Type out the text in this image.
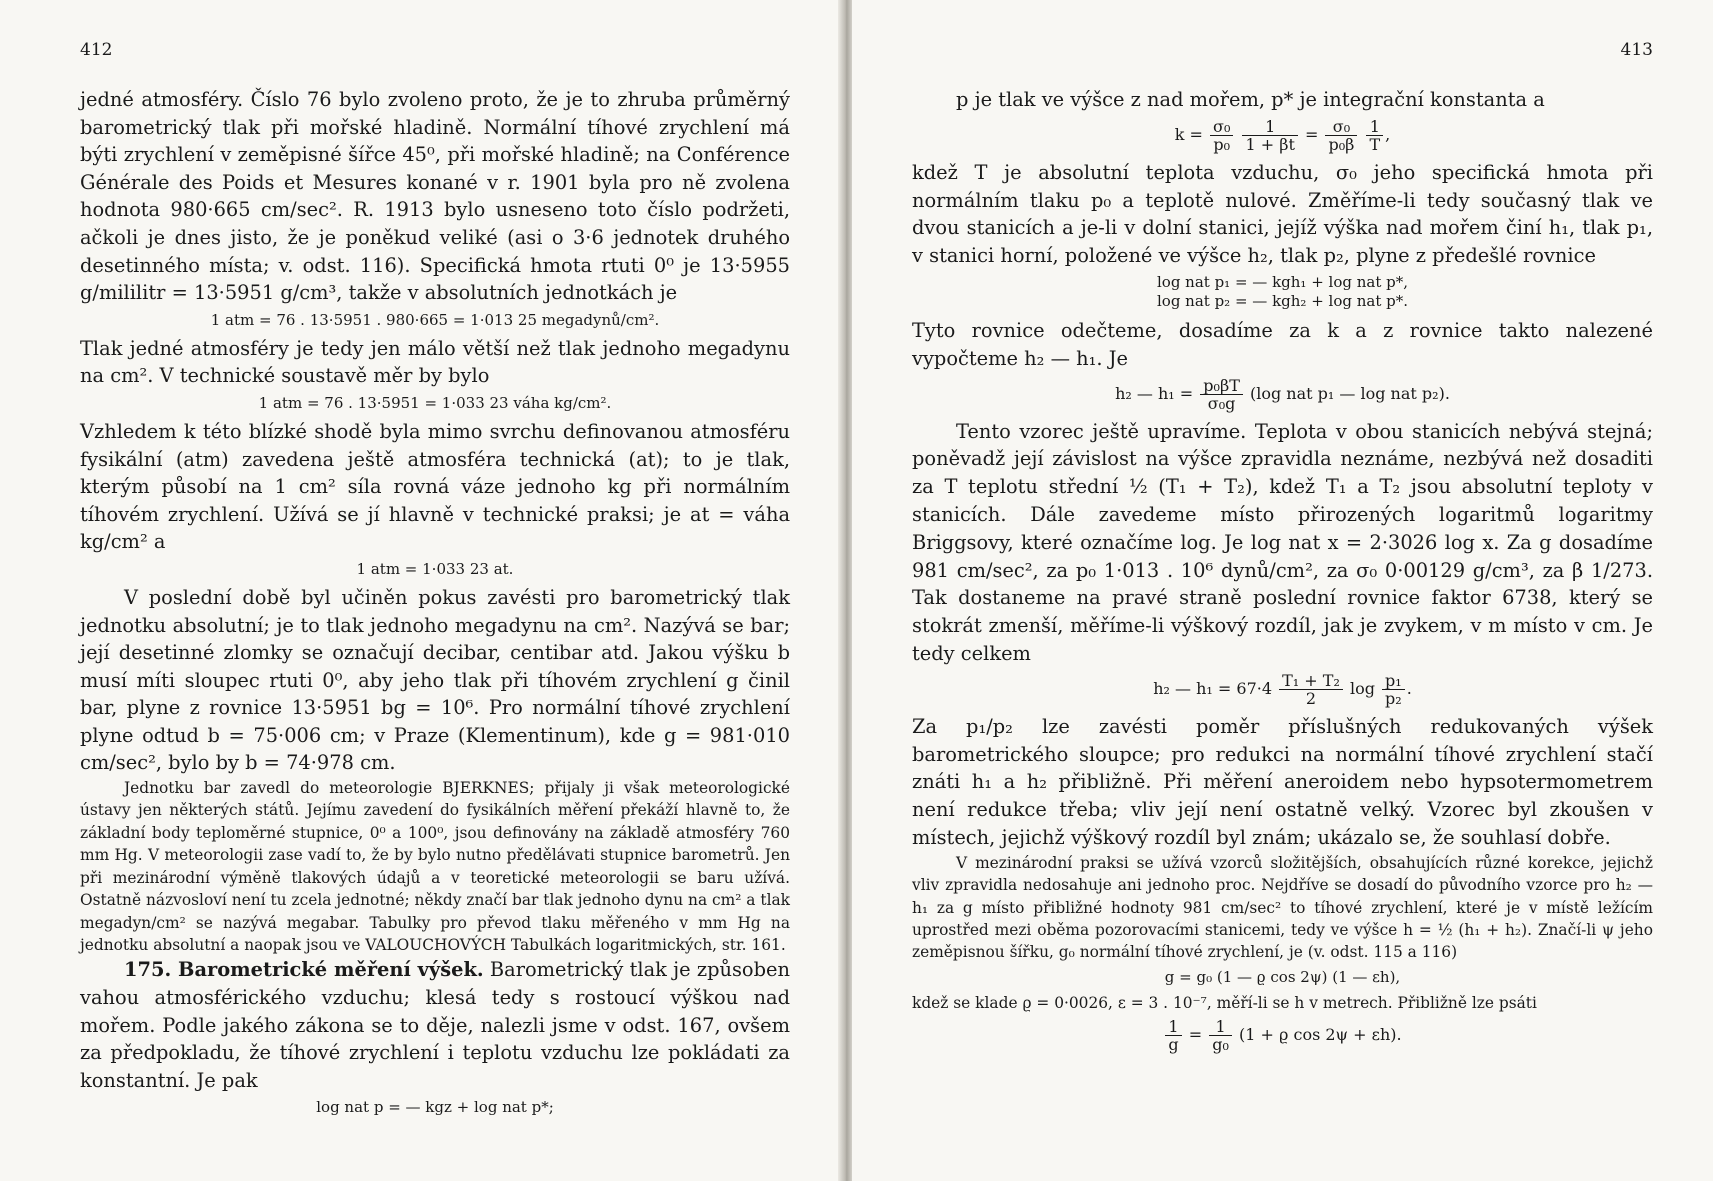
412

jedné atmosféry. Číslo 76 bylo zvoleno proto, že je to zhruba průměrný barometrický tlak při mořské hladině. Normální tíhové zrychlení má býti zrychlení v zeměpisné šířce 45⁰, při mořské hladině; na Conférence Générale des Poids et Mesures konané v r. 1901 byla pro ně zvolena hodnota 980·665 cm/sec². R. 1913 bylo usneseno toto číslo podržeti, ačkoli je dnes jisto, že je poněkud veliké (asi o 3·6 jednotek druhého desetinného místa; v. odst. 116). Specifická hmota rtuti 0⁰ je 13·5955 g/mililitr = 13·5951 g/cm³, takže v absolutních jednotkách je

1 atm = 76 . 13·5951 . 980·665 = 1·013 25 megadynů/cm².

Tlak jedné atmosféry je tedy jen málo větší než tlak jednoho megadynu na cm². V technické soustavě měr by bylo

1 atm = 76 . 13·5951 = 1·033 23 váha kg/cm².

Vzhledem k této blízké shodě byla mimo svrchu definovanou atmosféru fysikální (atm) zavedena ještě atmosféra technická (at); to je tlak, kterým působí na 1 cm² síla rovná váze jednoho kg při normálním tíhovém zrychlení. Užívá se jí hlavně v technické praksi; je at = váha kg/cm² a

1 atm = 1·033 23 at.

V poslední době byl učiněn pokus zavésti pro barometrický tlak jednotku absolutní; je to tlak jednoho megadynu na cm². Nazývá se bar; její desetinné zlomky se označují decibar, centibar atd. Jakou výšku b musí míti sloupec rtuti 0⁰, aby jeho tlak při tíhovém zrychlení g činil bar, plyne z rovnice 13·5951 bg = 10⁶. Pro normální tíhové zrychlení plyne odtud b = 75·006 cm; v Praze (Klementinum), kde g = 981·010 cm/sec², bylo by b = 74·978 cm.

Jednotku bar zavedl do meteorologie BJERKNES; přijaly ji však meteorologické ústavy jen některých států. Jejímu zavedení do fysikálních měření překáží hlavně to, že základní body teploměrné stupnice, 0⁰ a 100⁰, jsou definovány na základě atmosféry 760 mm Hg. V meteorologii zase vadí to, že by bylo nutno předělávati stupnice barometrů. Jen při mezinárodní výměně tlakových údajů a v teoretické meteorologii se baru užívá. Ostatně názvosloví není tu zcela jednotné; někdy značí bar tlak jednoho dynu na cm² a tlak megadyn/cm² se nazývá megabar. Tabulky pro převod tlaku měřeného v mm Hg na jednotku absolutní a naopak jsou ve VALOUCHOVÝCH Tabulkách logaritmických, str. 161.

175. Barometrické měření výšek. Barometrický tlak je způsoben vahou atmosférického vzduchu; klesá tedy s rostoucí výškou nad mořem. Podle jakého zákona se to děje, nalezli jsme v odst. 167, ovšem za předpokladu, že tíhové zrychlení i teplotu vzduchu lze pokládati za konstantní. Je pak

log nat p = — kgz + log nat p*;

413

p je tlak ve výšce z nad mořem, p* je integrační konstanta a

$k = \frac{\text{σ₀}}{\text{p₀}}$
$\frac{1}{1 + \beta t} = \frac{\text{σ₀}}{\text{p₀β}}$
$\frac{1}{T}$ ,

kdež T je absolutní teplota vzduchu, σ₀ jeho specifická hmota při normálním tlaku p₀ a teplotě nulové. Změříme-li tedy současný tlak ve dvou stanicích a je-li v dolní stanici, jejíž výška nad mořem činí h₁, tlak p₁, v stanici horní, položené ve výšce h₂, tlak p₂, plyne z předešlé rovnice

log nat p₁ = — kgh₁ + log nat p*,
log nat p₂ = — kgh₂ + log nat p*.

Tyto rovnice odečteme, dosadíme za k a z rovnice takto nalezené vypočteme h₂ — h₁. Je

h₂ — $h_1 = \frac{\text{p₀βT}}{\text{σ₀g}} (\log$ nat p₁ — log nat p₂).

Tento vzorec ještě upravíme. Teplota v obou stanicích nebývá stejná; poněvadž její závislost na výšce zpravidla neznáme, nezbývá než dosaditi za T teplotu střední ½ (T₁ + T₂), kdež T₁ a T₂ jsou absolutní teploty v stanicích. Dále zavedeme místo přirozených logaritmů logaritmy Briggsovy, které označíme log. Je log nat x = 2·3026 log x. Za g dosadíme 981 cm/sec², za p₀ 1·013 . 10⁶ dynů/cm², za σ₀ 0·00129 g/cm³, za β 1/273. Tak dostaneme na pravé straně poslední rovnice faktor 6738, který se stokrát zmenší, měříme-li výškový rozdíl, jak je zvykem, v m místo v cm. Je tedy celkem

h₂ — $h_1 = 67\cdot 4 \frac{\text{T₁ + T₂}}{2}$ $\log \frac{\text{p₁}}{\text{p₂}}$ .

Za p₁/p₂ lze zavésti poměr příslušných redukovaných výšek barometrického sloupce; pro redukci na normální tíhové zrychlení stačí znáti h₁ a h₂ přibližně. Při měření aneroidem nebo hypsotermometrem není redukce třeba; vliv její není ostatně velký. Vzorec byl zkoušen v místech, jejichž výškový rozdíl byl znám; ukázalo se, že souhlasí dobře.

V mezinárodní praksi se užívá vzorců složitějších, obsahujících různé korekce, jejichž vliv zpravidla nedosahuje ani jednoho proc. Nejdříve se dosadí do původního vzorce pro h₂ — h₁ za g místo přibližné hodnoty 981 cm/sec² to tíhové zrychlení, které je v místě ležícím uprostřed mezi oběma pozorovacími stanicemi, tedy ve výšce h = ½ (h₁ + h₂). Značí-li ψ jeho zeměpisnou šířku, g₀ normální tíhové zrychlení, je (v. odst. 115 a 116)

g = g₀ (1 — ϱ cos 2ψ) (1 — εh),

kdež se klade ϱ = 0·0026, ε = 3 . 10⁻⁷, měří-li se h v metrech. Přibližně lze psáti

$\frac{1}{g} = \frac{1}{\text{g₀}} (1 + ϱ$ cos 2ψ + εh).
